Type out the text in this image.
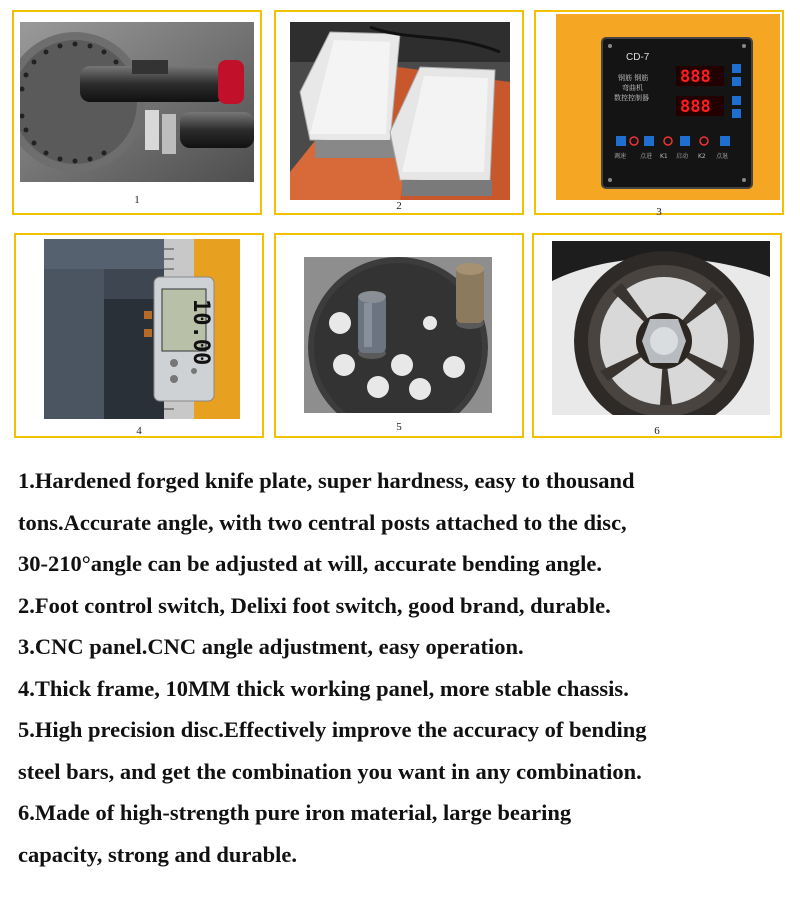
1	2
CD-7
钢筋 钢筋
弯曲机
数控控制器
888
888
调速 点进 K1 启动 K2 点退
3
10.00
4	5	6

1.Hardened forged knife plate, super hardness, easy to thousand

tons.Accurate angle, with two central posts attached to the disc,

30-210°angle can be adjusted at will, accurate bending angle.

2.Foot control switch, Delixi foot switch, good brand, durable.

3.CNC panel.CNC angle adjustment, easy operation.

4.Thick frame, 10MM thick working panel, more stable chassis.

5.High precision disc.Effectively improve the accuracy of bending

steel bars, and get the combination you want in any combination.

6.Made of high-strength pure iron material, large bearing

capacity, strong and durable.
